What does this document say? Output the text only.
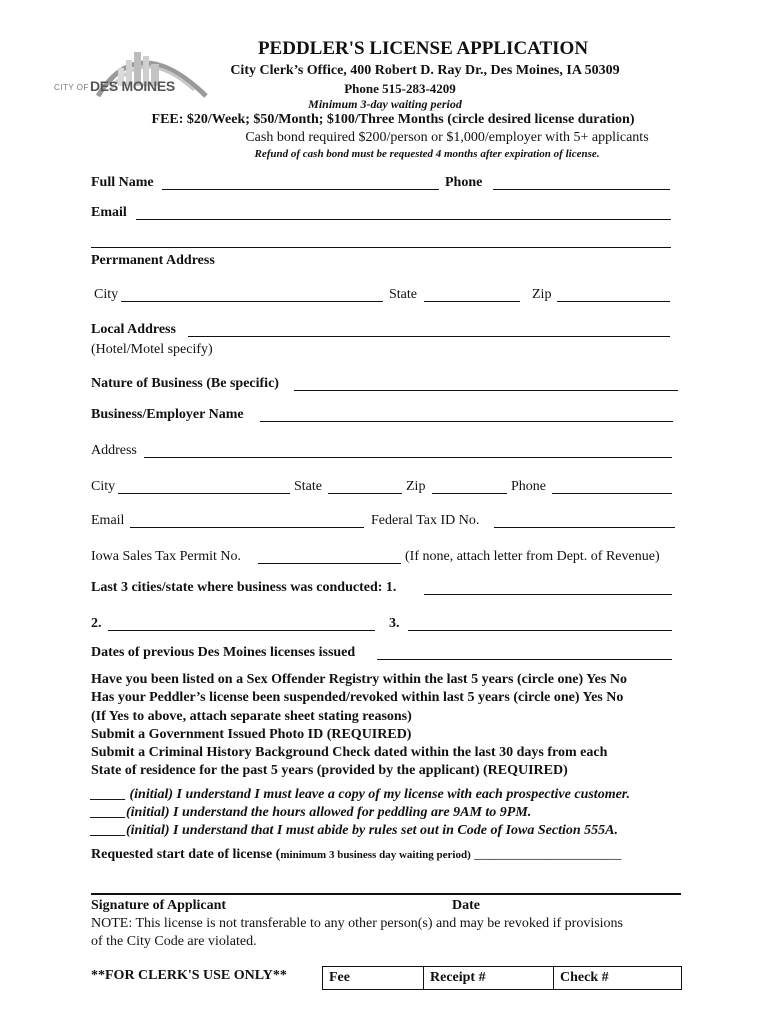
CITY OF DES MOINES
PEDDLER'S LICENSE APPLICATION
City Clerk’s Office, 400 Robert D. Ray Dr., Des Moines, IA 50309
Phone 515-283-4209
Minimum 3-day waiting period
FEE: $20/Week; $50/Month; $100/Three Months (circle desired license duration)
Cash bond required $200/person or $1,000/employer with 5+ applicants
Refund of cash bond must be requested 4 months after expiration of license.
Full Name	Phone
Email
Perrmanent Address
City	State	Zip
Local Address
(Hotel/Motel specify)
Nature of Business (Be specific)
Business/Employer Name
Address
City	State	Zip	Phone
Email	Federal Tax ID No.
Iowa Sales Tax Permit No.	(If none, attach letter from Dept. of Revenue)
Last 3 cities/state where business was conducted: 1.
2.	3.
Dates of previous Des Moines licenses issued
Have you been listed on a Sex Offender Registry within the last 5 years (circle one) Yes No
Has your Peddler’s license been suspended/revoked within last 5 years (circle one) Yes No
(If Yes to above, attach separate sheet stating reasons)
Submit a Government Issued Photo ID (REQUIRED)
Submit a Criminal History Background Check dated within the last 30 days from each
State of residence for the past 5 years (provided by the applicant) (REQUIRED)
_____ (initial) I understand I must leave a copy of my license with each prospective customer.
_____(initial) I understand the hours allowed for peddling are 9AM to 9PM.
_____(initial) I understand that I must abide by rules set out in Code of Iowa Section 555A.
Requested start date of license (minimum 3 business day waiting period) _____________________
Signature of Applicant	Date
NOTE: This license is not transferable to any other person(s) and may be revoked if provisions
of the City Code are violated.
**FOR CLERK'S USE ONLY**	Fee	Receipt #	Check #
